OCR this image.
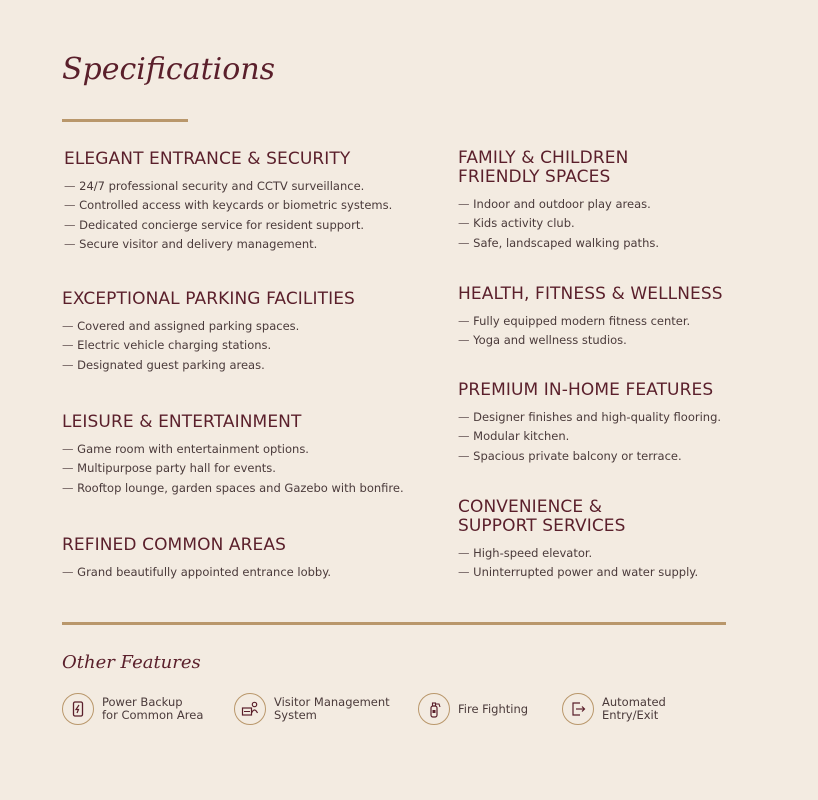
Specifications
ELEGANT ENTRANCE & SECURITY
— 24/7 professional security and CCTV surveillance.
— Controlled access with keycards or biometric systems.
— Dedicated concierge service for resident support.
— Secure visitor and delivery management.
EXCEPTIONAL PARKING FACILITIES
— Covered and assigned parking spaces.
— Electric vehicle charging stations.
— Designated guest parking areas.
LEISURE & ENTERTAINMENT
— Game room with entertainment options.
— Multipurpose party hall for events.
— Rooftop lounge, garden spaces and Gazebo with bonfire.
REFINED COMMON AREAS
— Grand beautifully appointed entrance lobby.
FAMILY & CHILDREN
FRIENDLY SPACES
— Indoor and outdoor play areas.
— Kids activity club.
— Safe, landscaped walking paths.
HEALTH, FITNESS & WELLNESS
— Fully equipped modern fitness center.
— Yoga and wellness studios.
PREMIUM IN-HOME FEATURES
— Designer finishes and high-quality flooring.
— Modular kitchen.
— Spacious private balcony or terrace.
CONVENIENCE &
SUPPORT SERVICES
— High-speed elevator.
— Uninterrupted power and water supply.
Other Features
Power Backup
for Common Area
Visitor Management
System	Fire Fighting	Automated
Entry/Exit
